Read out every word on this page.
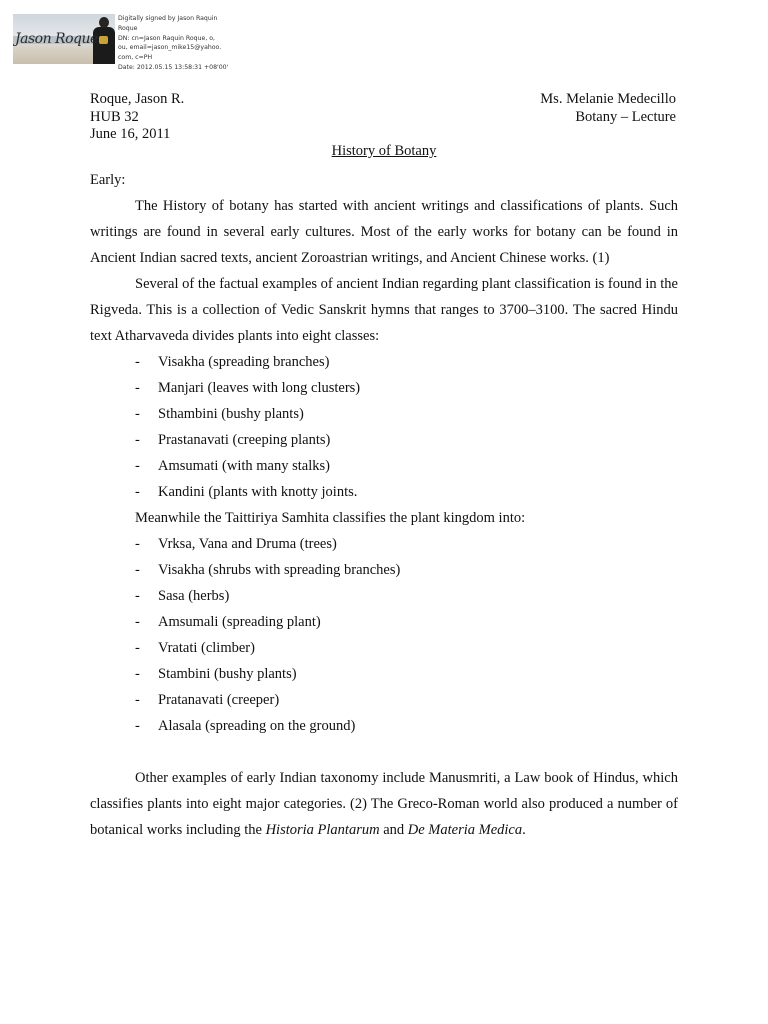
Jason Roque
Digitally signed by Jason Raquin
Roque
DN: cn=Jason Raquin Roque, o,
ou, email=jason_mike15@yahoo.
com, c=PH
Date: 2012.05.15 13:58:31 +08'00'
Roque, Jason R.
HUB 32
June 16, 2011
Ms. Melanie Medecillo
Botany – Lecture
History of Botany

Early:

The History of botany has started with ancient writings and classifications of plants. Such writings are found in several early cultures. Most of the early works for botany can be found in Ancient Indian sacred texts, ancient Zoroastrian writings, and Ancient Chinese works. (1)

Several of the factual examples of ancient Indian regarding plant classification is found in the Rigveda. This is a collection of Vedic Sanskrit hymns that ranges to 3700–3100. The sacred Hindu text Atharvaveda divides plants into eight classes:

- Visakha (spreading branches)
- Manjari (leaves with long clusters)
- Sthambini (bushy plants)
- Prastanavati (creeping plants)
- Amsumati (with many stalks)
- Kandini (plants with knotty joints.

Meanwhile the Taittiriya Samhita classifies the plant kingdom into:

- Vrksa, Vana and Druma (trees)
- Visakha (shrubs with spreading branches)
- Sasa (herbs)
- Amsumali (spreading plant)
- Vratati (climber)
- Stambini (bushy plants)
- Pratanavati (creeper)
- Alasala (spreading on the ground)

Other examples of early Indian taxonomy include Manusmriti, a Law book of Hindus, which classifies plants into eight major categories. (2) The Greco-Roman world also produced a number of botanical works including the Historia Plantarum and De Materia Medica.
